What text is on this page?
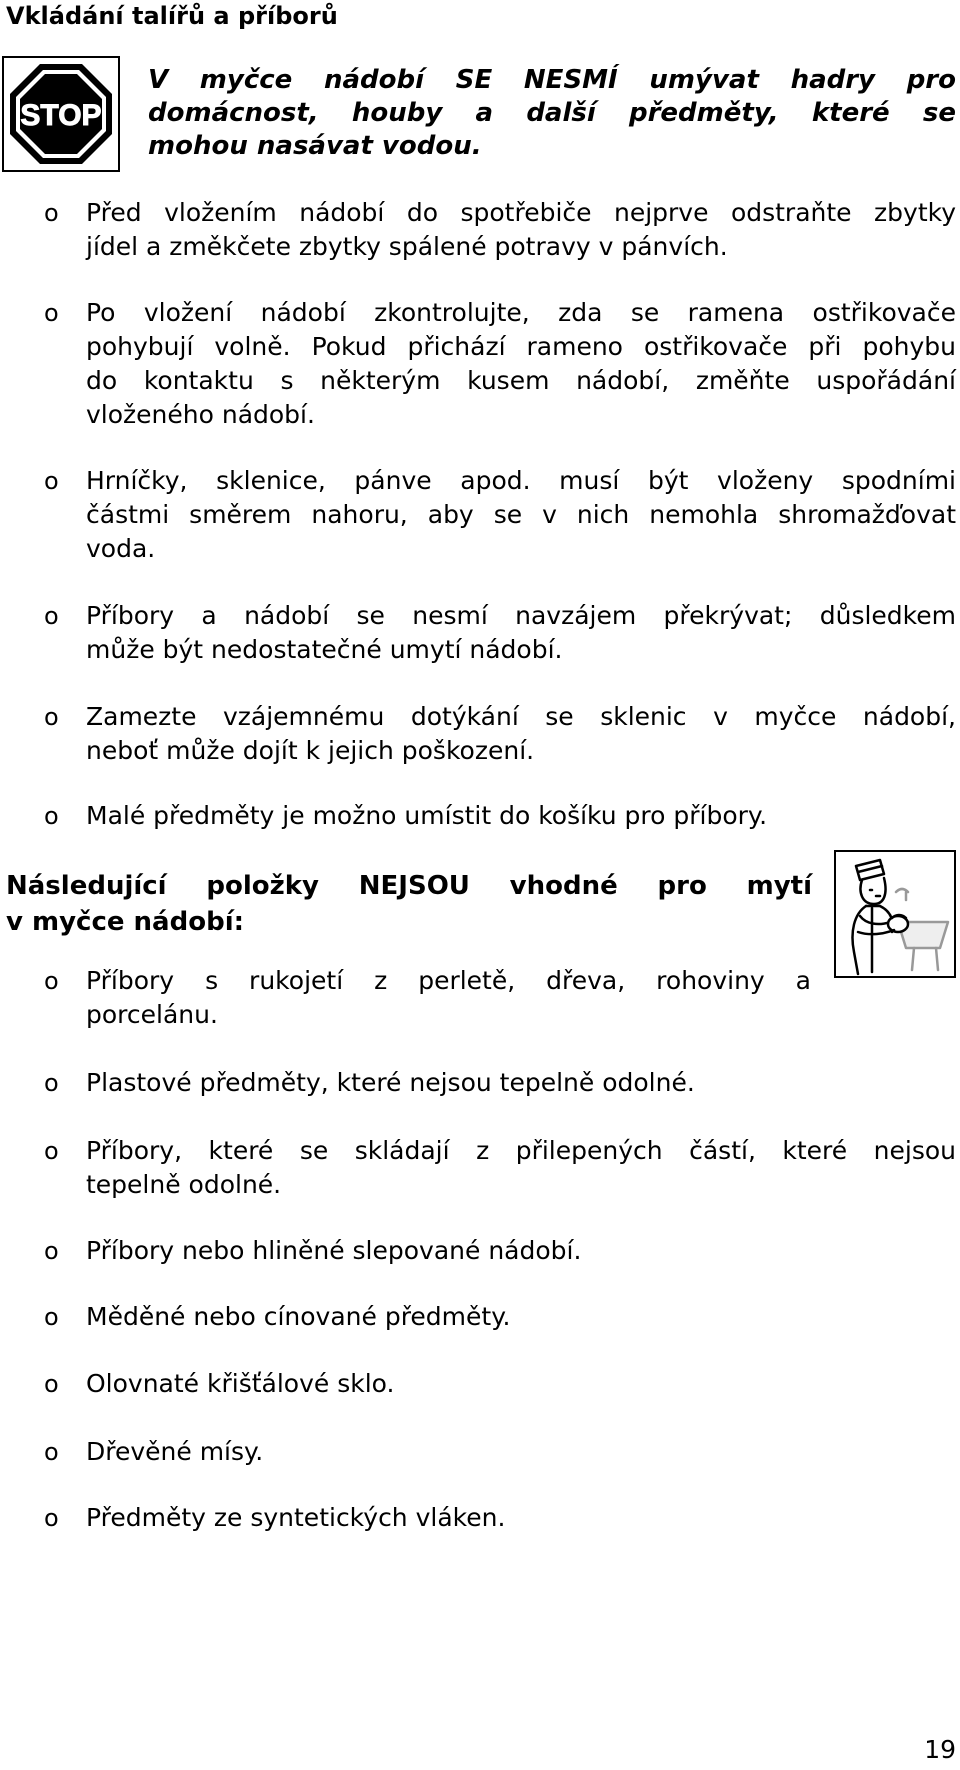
Vkládání talířů a příborů
STOP
V myčce nádobí SE NESMÍ umývat hadry pro
domácnost, houby a další předměty, které se
mohou nasávat vodou.
o Před vložením nádobí do spotřebiče nejprve odstraňte zbytky
jídel a změkčete zbytky spálené potravy v pánvích.
o Po vložení nádobí zkontrolujte, zda se ramena ostřikovače
pohybují volně. Pokud přichází rameno ostřikovače při pohybu
do kontaktu s některým kusem nádobí, změňte uspořádání
vloženého nádobí.
o Hrníčky, sklenice, pánve apod. musí být vloženy spodními
částmi směrem nahoru, aby se v nich nemohla shromažďovat
voda.
o Příbory a nádobí se nesmí navzájem překrývat; důsledkem
může být nedostatečné umytí nádobí.
o Zamezte vzájemnému dotýkání se sklenic v myčce nádobí,
neboť může dojít k jejich poškození.
o Malé předměty je možno umístit do košíku pro příbory.
Následující položky NEJSOU vhodné pro mytí
v myčce nádobí:
o Příbory s rukojetí z perletě, dřeva, rohoviny a
porcelánu.
o Plastové předměty, které nejsou tepelně odolné.
o Příbory, které se skládají z přilepených částí, které nejsou
tepelně odolné.
o Příbory nebo hliněné slepované nádobí.
o Měděné nebo cínované předměty.
o Olovnaté křišťálové sklo.
o Dřevěné mísy.
o Předměty ze syntetických vláken.
19
